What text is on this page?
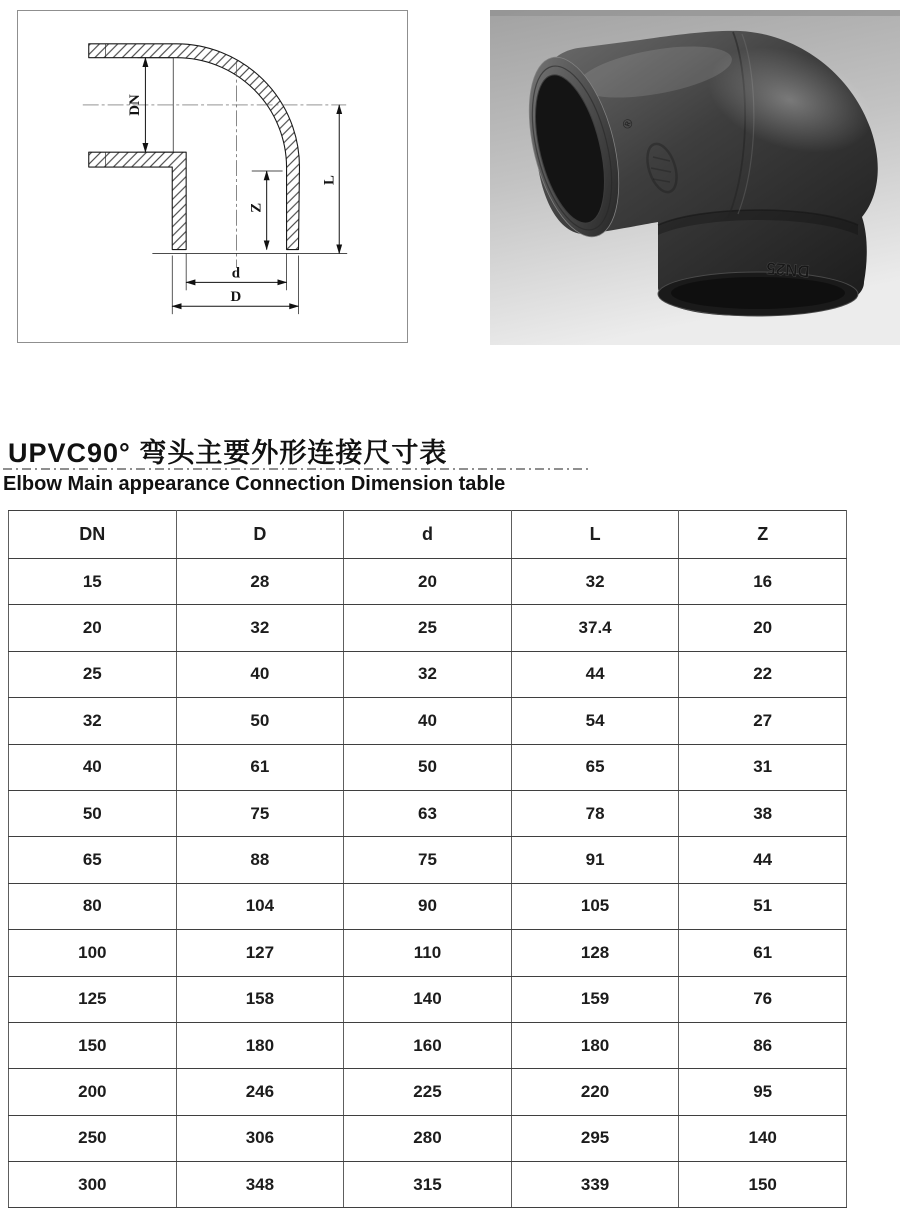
DN
Z
L
d
D
DN25
®
UPVC90° 弯头主要外形连接尺寸表
Elbow Main appearance Connection Dimension table
DN	D	d	L	Z
15	28	20	32	16
20	32	25	37.4	20
25	40	32	44	22
32	50	40	54	27
40	61	50	65	31
50	75	63	78	38
65	88	75	91	44
80	104	90	105	51
100	127	110	128	61
125	158	140	159	76
150	180	160	180	86
200	246	225	220	95
250	306	280	295	140
300	348	315	339	150
